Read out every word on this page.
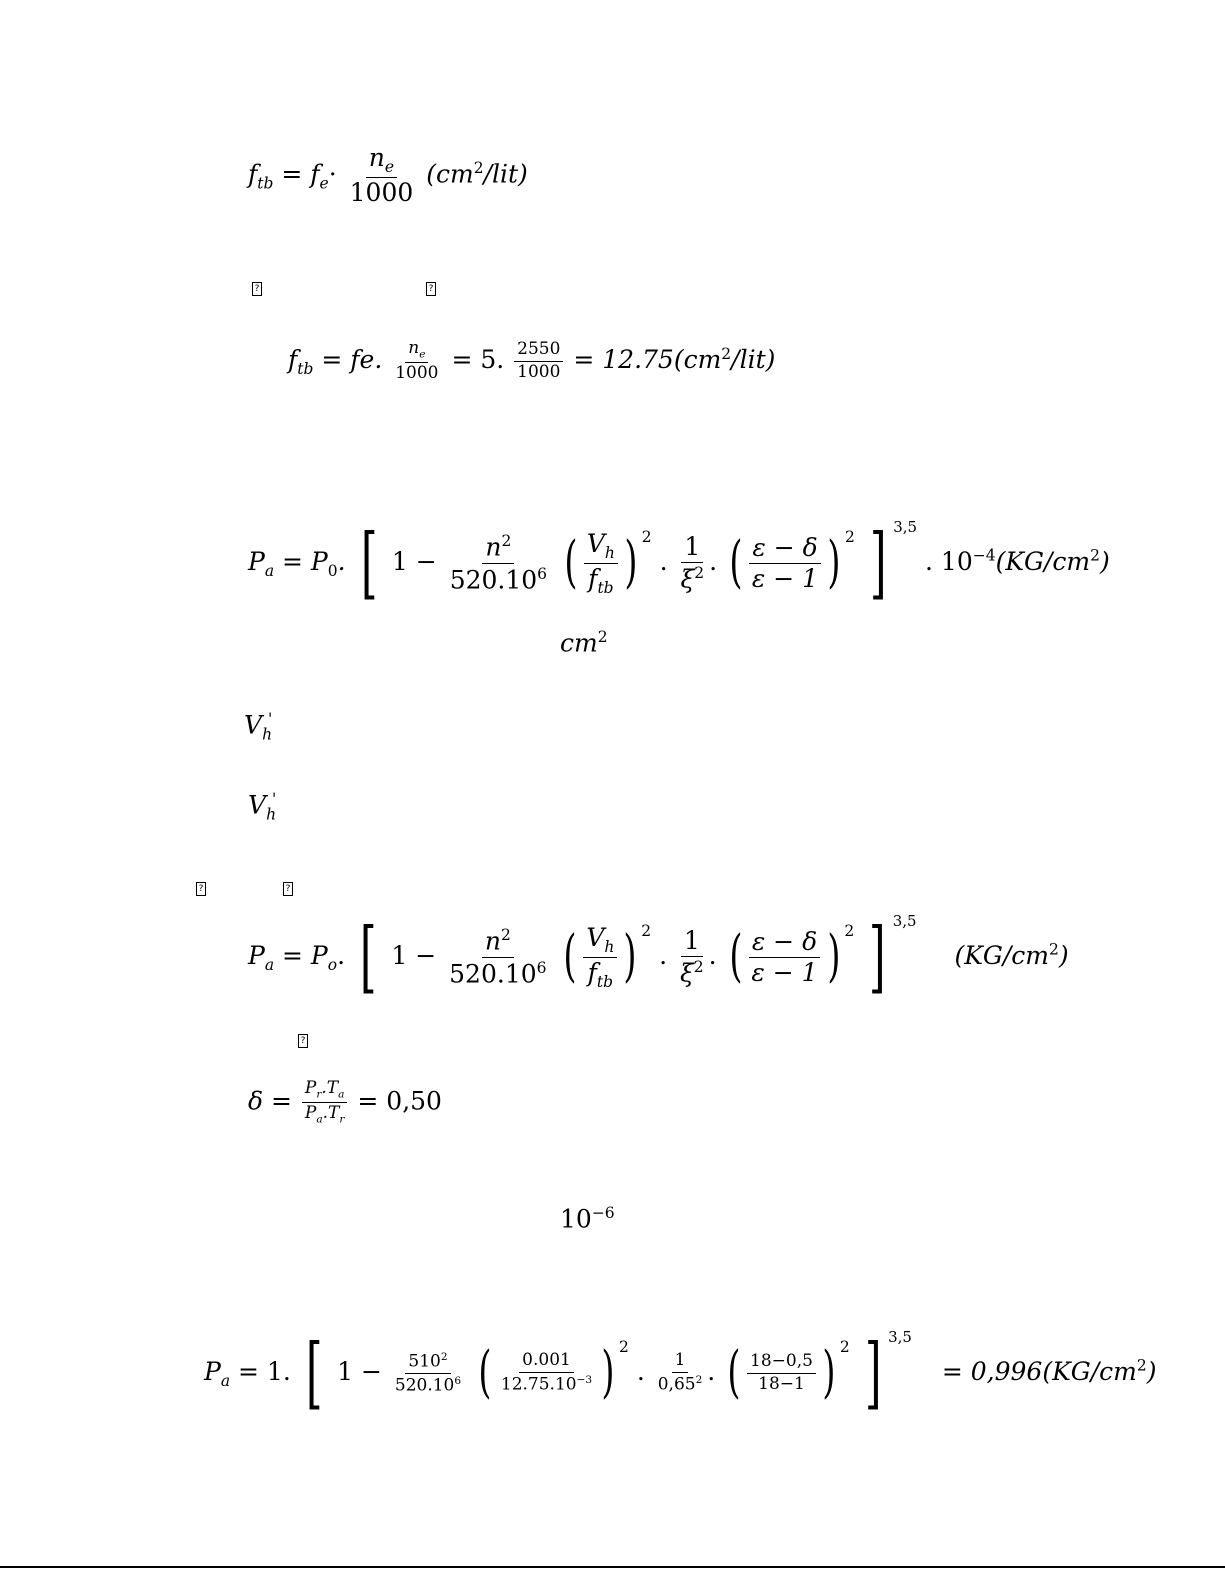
$f_{tb} = f_e\cdot \frac{n_e}{1000} (cm^2/lit)$
?	?
$f_{tb}$ = fe. $\frac{n_e}{1000} = 5$. $\frac{2550}{1000} = 12.75(cm^2/lit)$
$P_a = P_0$. [ $1 - \frac{n^2}{520.10^6}$ ( $\frac{V_h}{f_{tb}}$ ) $^2$ . $\frac{1}{\xi^2}$ . ( $\frac{\varepsilon - \delta}{\varepsilon - 1}$ ) $^2$ ] $^{3,5}$ . $10^{-4}(KG/cm^2)$
$cm^2$
$V_h'$
$V_h'$
?	?
$P_a = P_o$. [ $1 - \frac{n^2}{520.10^6}$ ( $\frac{V_h}{f_{tb}}$ ) $^2$ . $\frac{1}{\xi^2}$ . ( $\frac{\varepsilon - \delta}{\varepsilon - 1}$ ) $^2$ ] $^{3,5}$  $(KG/cm^2)$
?
$\delta = \frac{P_r.T_a}{P_a.T_r} = 0,50$
$10^{-6}$
$P_a = 1$. [ $1 - \frac{510^2}{520.10^6}$ ( $\frac{0.001}{12.75.10^{-3}}$ ) $^2$ . $\frac{1}{0,65^2}$ . ( $\frac{18-0,5}{18-1}$ ) $^2$ ] $^{3,5} = 0,996(KG/cm^2)$
